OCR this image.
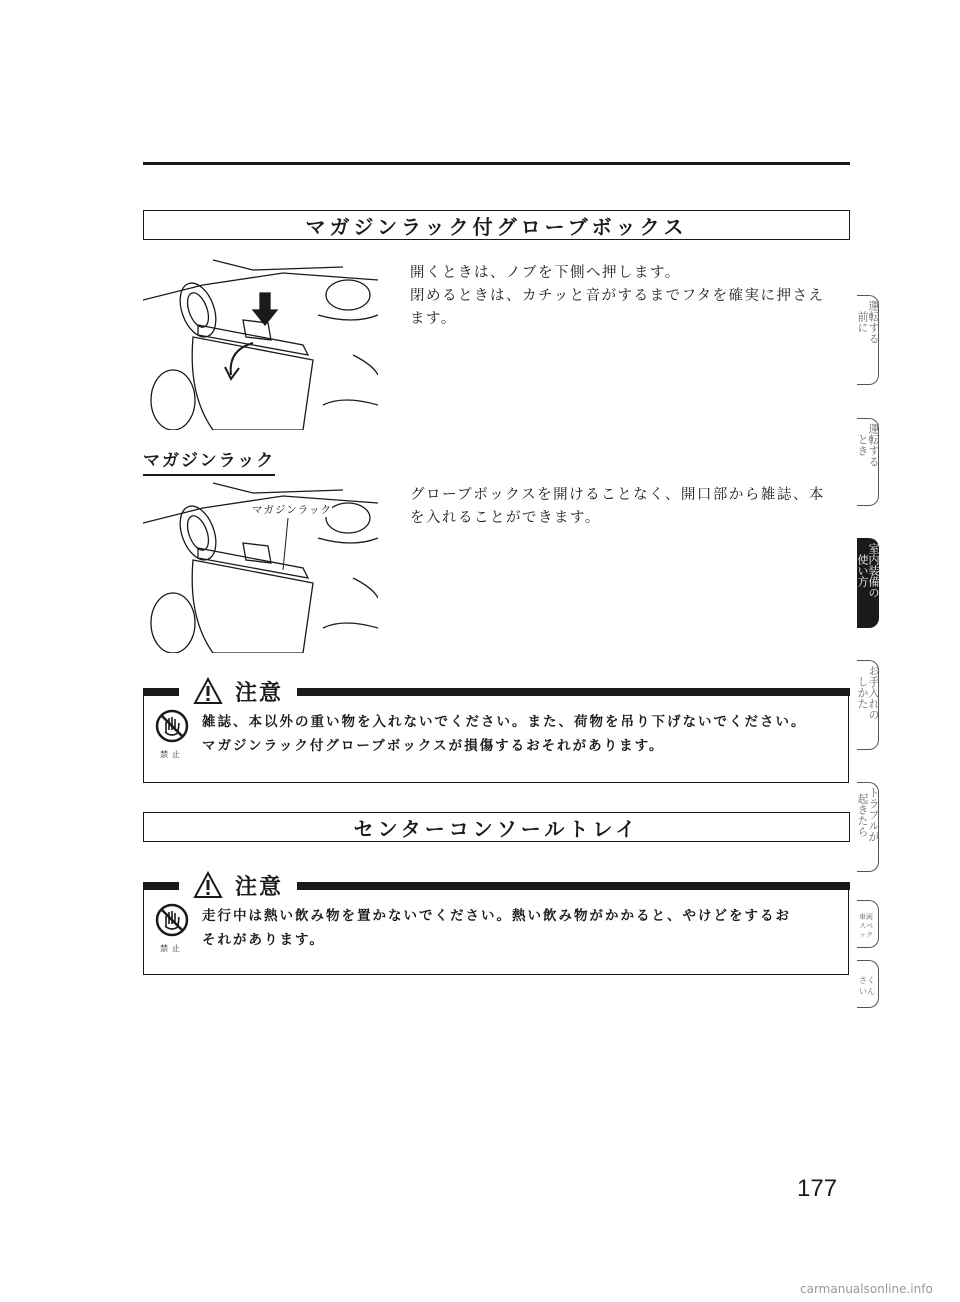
マガジンラック付グローブボックス
開くときは、ノブを下側へ押します。
閉めるときは、カチッと音がするまでフタを確実に押さえ
ます。
マガジンラック
マガジンラック
グローブボックスを開けることなく、開口部から雑誌、本
を入れることができます。
注意
禁止
雑誌、本以外の重い物を入れないでください。また、荷物を吊り下げないでください。
マガジンラック付グローブボックスが損傷するおそれがあります。
センターコンソールトレイ
注意
禁止
走行中は熱い飲み物を置かないでください。熱い飲み物がかかると、やけどをするお
それがあります。
運転する
前に
運転する
とき
室内装備の
使い方
お手入れの
しかた
トラブルが
起きたら
車両スペック
さくいん
177
carmanualsonline.info
